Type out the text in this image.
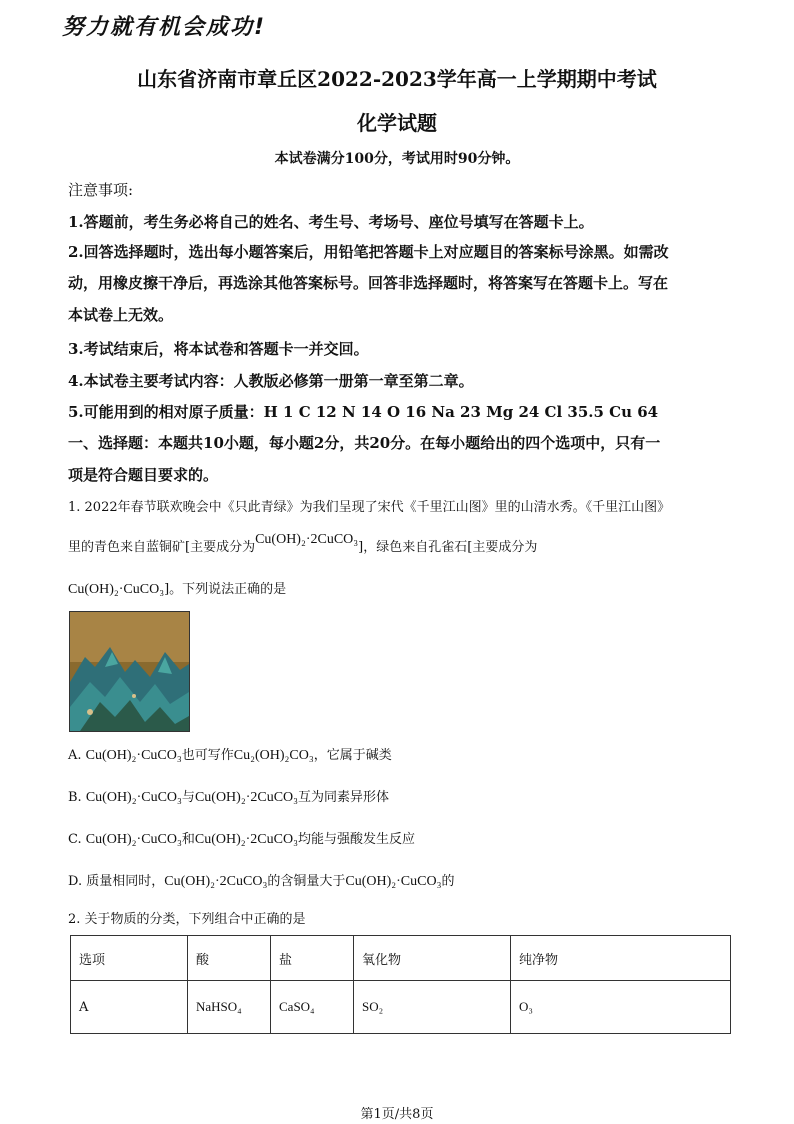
努力就有机会成功!
山东省济南市章丘区2022-2023学年高一上学期期中考试
化学试题
本试卷满分100分，考试用时90分钟。
注意事项:
1.答题前，考生务必将自己的姓名、考生号、考场号、座位号填写在答题卡上。
2.回答选择题时，选出每小题答案后，用铅笔把答题卡上对应题目的答案标号涂黑。如需改
动，用橡皮擦干净后，再选涂其他答案标号。回答非选择题时，将答案写在答题卡上。写在
本试卷上无效。
3.考试结束后，将本试卷和答题卡一并交回。
4.本试卷主要考试内容：人教版必修第一册第一章至第二章。
5.可能用到的相对原子质量：H 1 C 12 N 14 O 16 Na 23 Mg 24 Cl 35.5 Cu 64
一、选择题：本题共10小题，每小题2分，共20分。在每小题给出的四个选项中，只有一
项是符合题目要求的。
1. 2022年春节联欢晚会中《只此青绿》为我们呈现了宋代《千里江山图》里的山清水秀。《千里江山图》
里的青色来自蓝铜矿[主要成分为Cu(OH)₂·2CuCO₃]，绿色来自孔雀石[主要成分为
Cu(OH)₂·CuCO₃]。下列说法正确的是
A. Cu(OH)₂·CuCO₃也可写作Cu₂(OH)₂CO₃，它属于碱类
B. Cu(OH)₂·CuCO₃与Cu(OH)₂·2CuCO₃互为同素异形体
C. Cu(OH)₂·CuCO₃和Cu(OH)₂·2CuCO₃均能与强酸发生反应
D. 质量相同时，Cu(OH)₂·2CuCO₃的含铜量大于Cu(OH)₂·CuCO₃的
2. 关于物质的分类，下列组合中正确的是
选项	酸	盐	氧化物	纯净物
A	NaHSO₄	CaSO₄	SO₂	O₃
第1页/共8页
